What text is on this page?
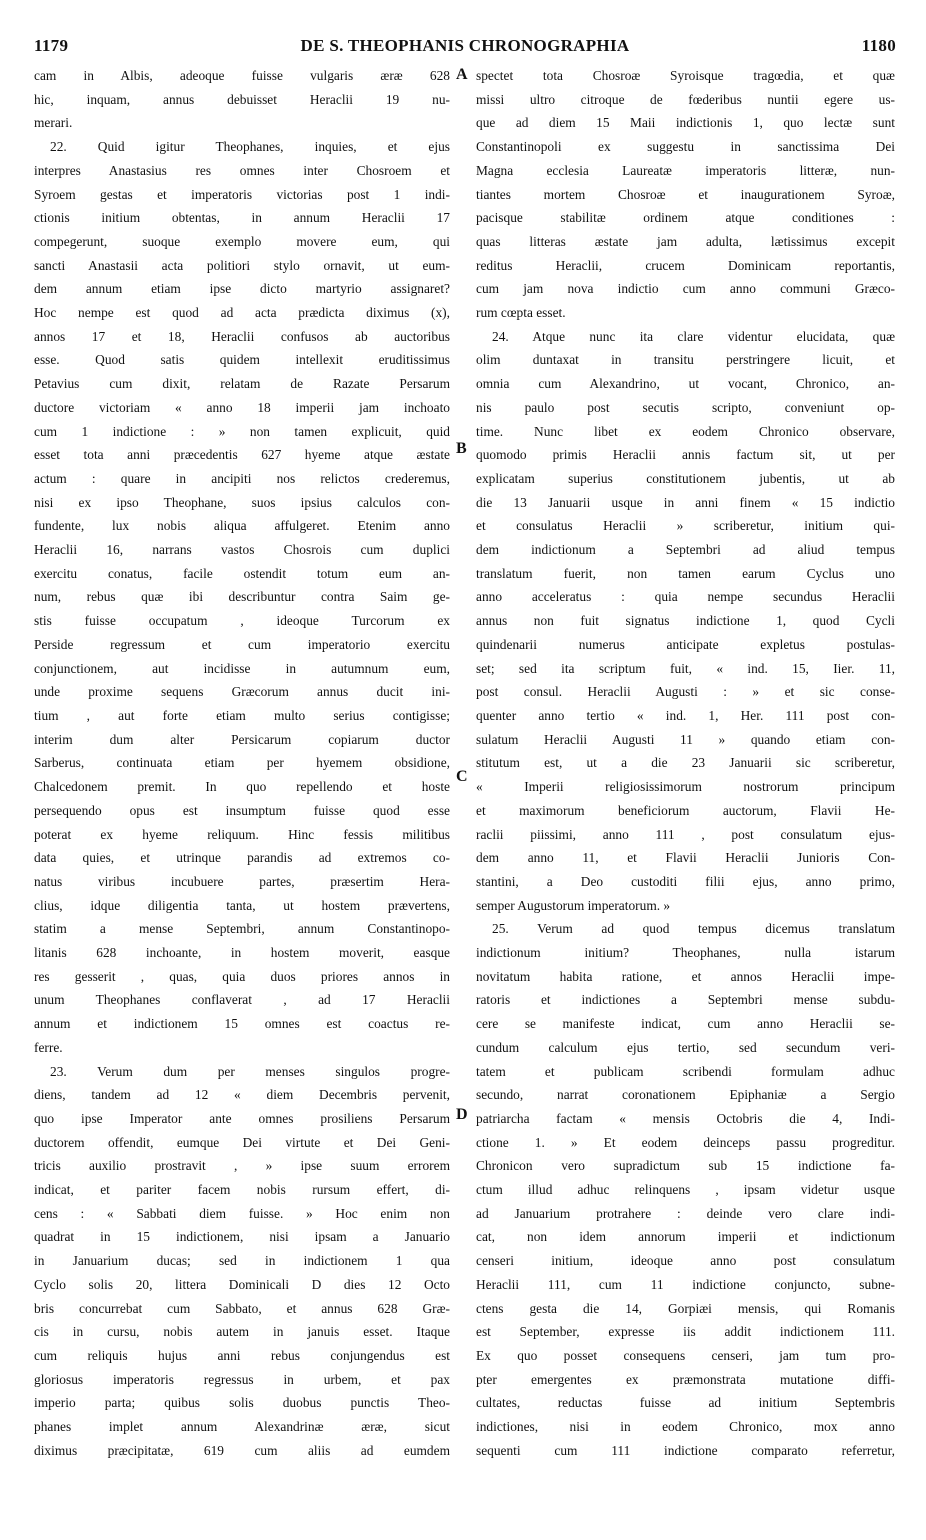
1179	DE S. THEOPHANIS CHRONOGRAPHIA	1180
A
B
C
D
cam in Albis, adeoque fuisse vulgaris æræ 628
hic, inquam, annus debuisset Heraclii 19 nu-
merari.
22. Quid igitur Theophanes, inquies, et ejus
interpres Anastasius res omnes inter Chosroem et
Syroem gestas et imperatoris victorias post 1 indi-
ctionis initium obtentas, in annum Heraclii 17
compegerunt, suoque exemplo movere eum, qui
sancti Anastasii acta politiori stylo ornavit, ut eum-
dem annum etiam ipse dicto martyrio assignaret?
Hoc nempe est quod ad acta prædicta diximus (x),
annos 17 et 18, Heraclii confusos ab auctoribus
esse. Quod satis quidem intellexit eruditissimus
Petavius cum dixit, relatam de Razate Persarum
ductore victoriam « anno 18 imperii jam inchoato
cum 1 indictione : » non tamen explicuit, quid
esset tota anni præcedentis 627 hyeme atque æstate
actum : quare in ancipiti nos relictos crederemus,
nisi ex ipso Theophane, suos ipsius calculos con-
fundente, lux nobis aliqua affulgeret. Etenim anno
Heraclii 16, narrans vastos Chosrois cum duplici
exercitu conatus, facile ostendit totum eum an-
num, rebus quæ ibi describuntur contra Saim ge-
stis fuisse occupatum , ideoque Turcorum ex
Perside regressum et cum imperatorio exercitu
conjunctionem, aut incidisse in autumnum eum,
unde proxime sequens Græcorum annus ducit ini-
tium , aut forte etiam multo serius contigisse;
interim dum alter Persicarum copiarum ductor
Sarberus, continuata etiam per hyemem obsidione,
Chalcedonem premit. In quo repellendo et hoste
persequendo opus est insumptum fuisse quod esse
poterat ex hyeme reliquum. Hinc fessis militibus
data quies, et utrinque parandis ad extremos co-
natus viribus incubuere partes, præsertim Hera-
clius, idque diligentia tanta, ut hostem prævertens,
statim a mense Septembri, annum Constantinopo-
litanis 628 inchoante, in hostem moverit, easque
res gesserit , quas, quia duos priores annos in
unum Theophanes conflaverat , ad 17 Heraclii
annum et indictionem 15 omnes est coactus re-
ferre.
23. Verum dum per menses singulos progre-
diens, tandem ad 12 « diem Decembris pervenit,
quo ipse Imperator ante omnes prosiliens Persarum
ductorem offendit, eumque Dei virtute et Dei Geni-
tricis auxilio prostravit , » ipse suum errorem
indicat, et pariter facem nobis rursum effert, di-
cens : « Sabbati diem fuisse. » Hoc enim non
quadrat in 15 indictionem, nisi ipsam a Januario
in Januarium ducas; sed in indictionem 1 qua
Cyclo solis 20, littera Dominicali D dies 12 Octo
bris concurrebat cum Sabbato, et annus 628 Græ-
cis in cursu, nobis autem in januis esset. Itaque
cum reliquis hujus anni rebus conjungendus est
gloriosus imperatoris regressus in urbem, et pax
imperio parta; quibus solis duobus punctis Theo-
phanes implet annum Alexandrinæ æræ, sicut
diximus præcipitatæ, 619 cum aliis ad eumdem
spectet tota Chosroæ Syroisque tragœdia, et quæ
missi ultro citroque de fœderibus nuntii egere us-
que ad diem 15 Maii indictionis 1, quo lectæ sunt
Constantinopoli ex suggestu in sanctissima Dei
Magna ecclesia Laureatæ imperatoris litteræ, nun-
tiantes mortem Chosroæ et inaugurationem Syroæ,
pacisque stabilitæ ordinem atque conditiones :
quas litteras æstate jam adulta, lætissimus excepit
reditus Heraclii, crucem Dominicam reportantis,
cum jam nova indictio cum anno communi Græco-
rum cœpta esset.
24. Atque nunc ita clare videntur elucidata, quæ
olim duntaxat in transitu perstringere licuit, et
omnia cum Alexandrino, ut vocant, Chronico, an-
nis paulo post secutis scripto, conveniunt op-
time. Nunc libet ex eodem Chronico observare,
quomodo primis Heraclii annis factum sit, ut per
explicatam superius constitutionem jubentis, ut ab
die 13 Januarii usque in anni finem « 15 indictio
et consulatus Heraclii » scriberetur, initium qui-
dem indictionum a Septembri ad aliud tempus
translatum fuerit, non tamen earum Cyclus uno
anno acceleratus : quia nempe secundus Heraclii
annus non fuit signatus indictione 1, quod Cycli
quindenarii numerus anticipate expletus postulas-
set; sed ita scriptum fuit, « ind. 15, Iier. 11,
post consul. Heraclii Augusti : » et sic conse-
quenter anno tertio « ind. 1, Her. 111 post con-
sulatum Heraclii Augusti 11 » quando etiam con-
stitutum est, ut a die 23 Januarii sic scriberetur,
« Imperii religiosissimorum nostrorum principum
et maximorum beneficiorum auctorum, Flavii He-
raclii piissimi, anno 111 , post consulatum ejus-
dem anno 11, et Flavii Heraclii Junioris Con-
stantini, a Deo custoditi filii ejus, anno primo,
semper Augustorum imperatorum. »
25. Verum ad quod tempus dicemus translatum
indictionum initium? Theophanes, nulla istarum
novitatum habita ratione, et annos Heraclii impe-
ratoris et indictiones a Septembri mense subdu-
cere se manifeste indicat, cum anno Heraclii se-
cundum calculum ejus tertio, sed secundum veri-
tatem et publicam scribendi formulam adhuc
secundo, narrat coronationem Epiphaniæ a Sergio
patriarcha factam « mensis Octobris die 4, Indi-
ctione 1. » Et eodem deinceps passu progreditur.
Chronicon vero supradictum sub 15 indictione fa-
ctum illud adhuc relinquens , ipsam videtur usque
ad Januarium protrahere : deinde vero clare indi-
cat, non idem annorum imperii et indictionum
censeri initium, ideoque anno post consulatum
Heraclii 111, cum 11 indictione conjuncto, subne-
ctens gesta die 14, Gorpiæi mensis, qui Romanis
est September, expresse iis addit indictionem 111.
Ex quo posset consequens censeri, jam tum pro-
pter emergentes ex præmonstrata mutatione diffi-
cultates, reductas fuisse ad initium Septembris
indictiones, nisi in eodem Chronico, mox anno
sequenti cum 111 indictione comparato referretur,
